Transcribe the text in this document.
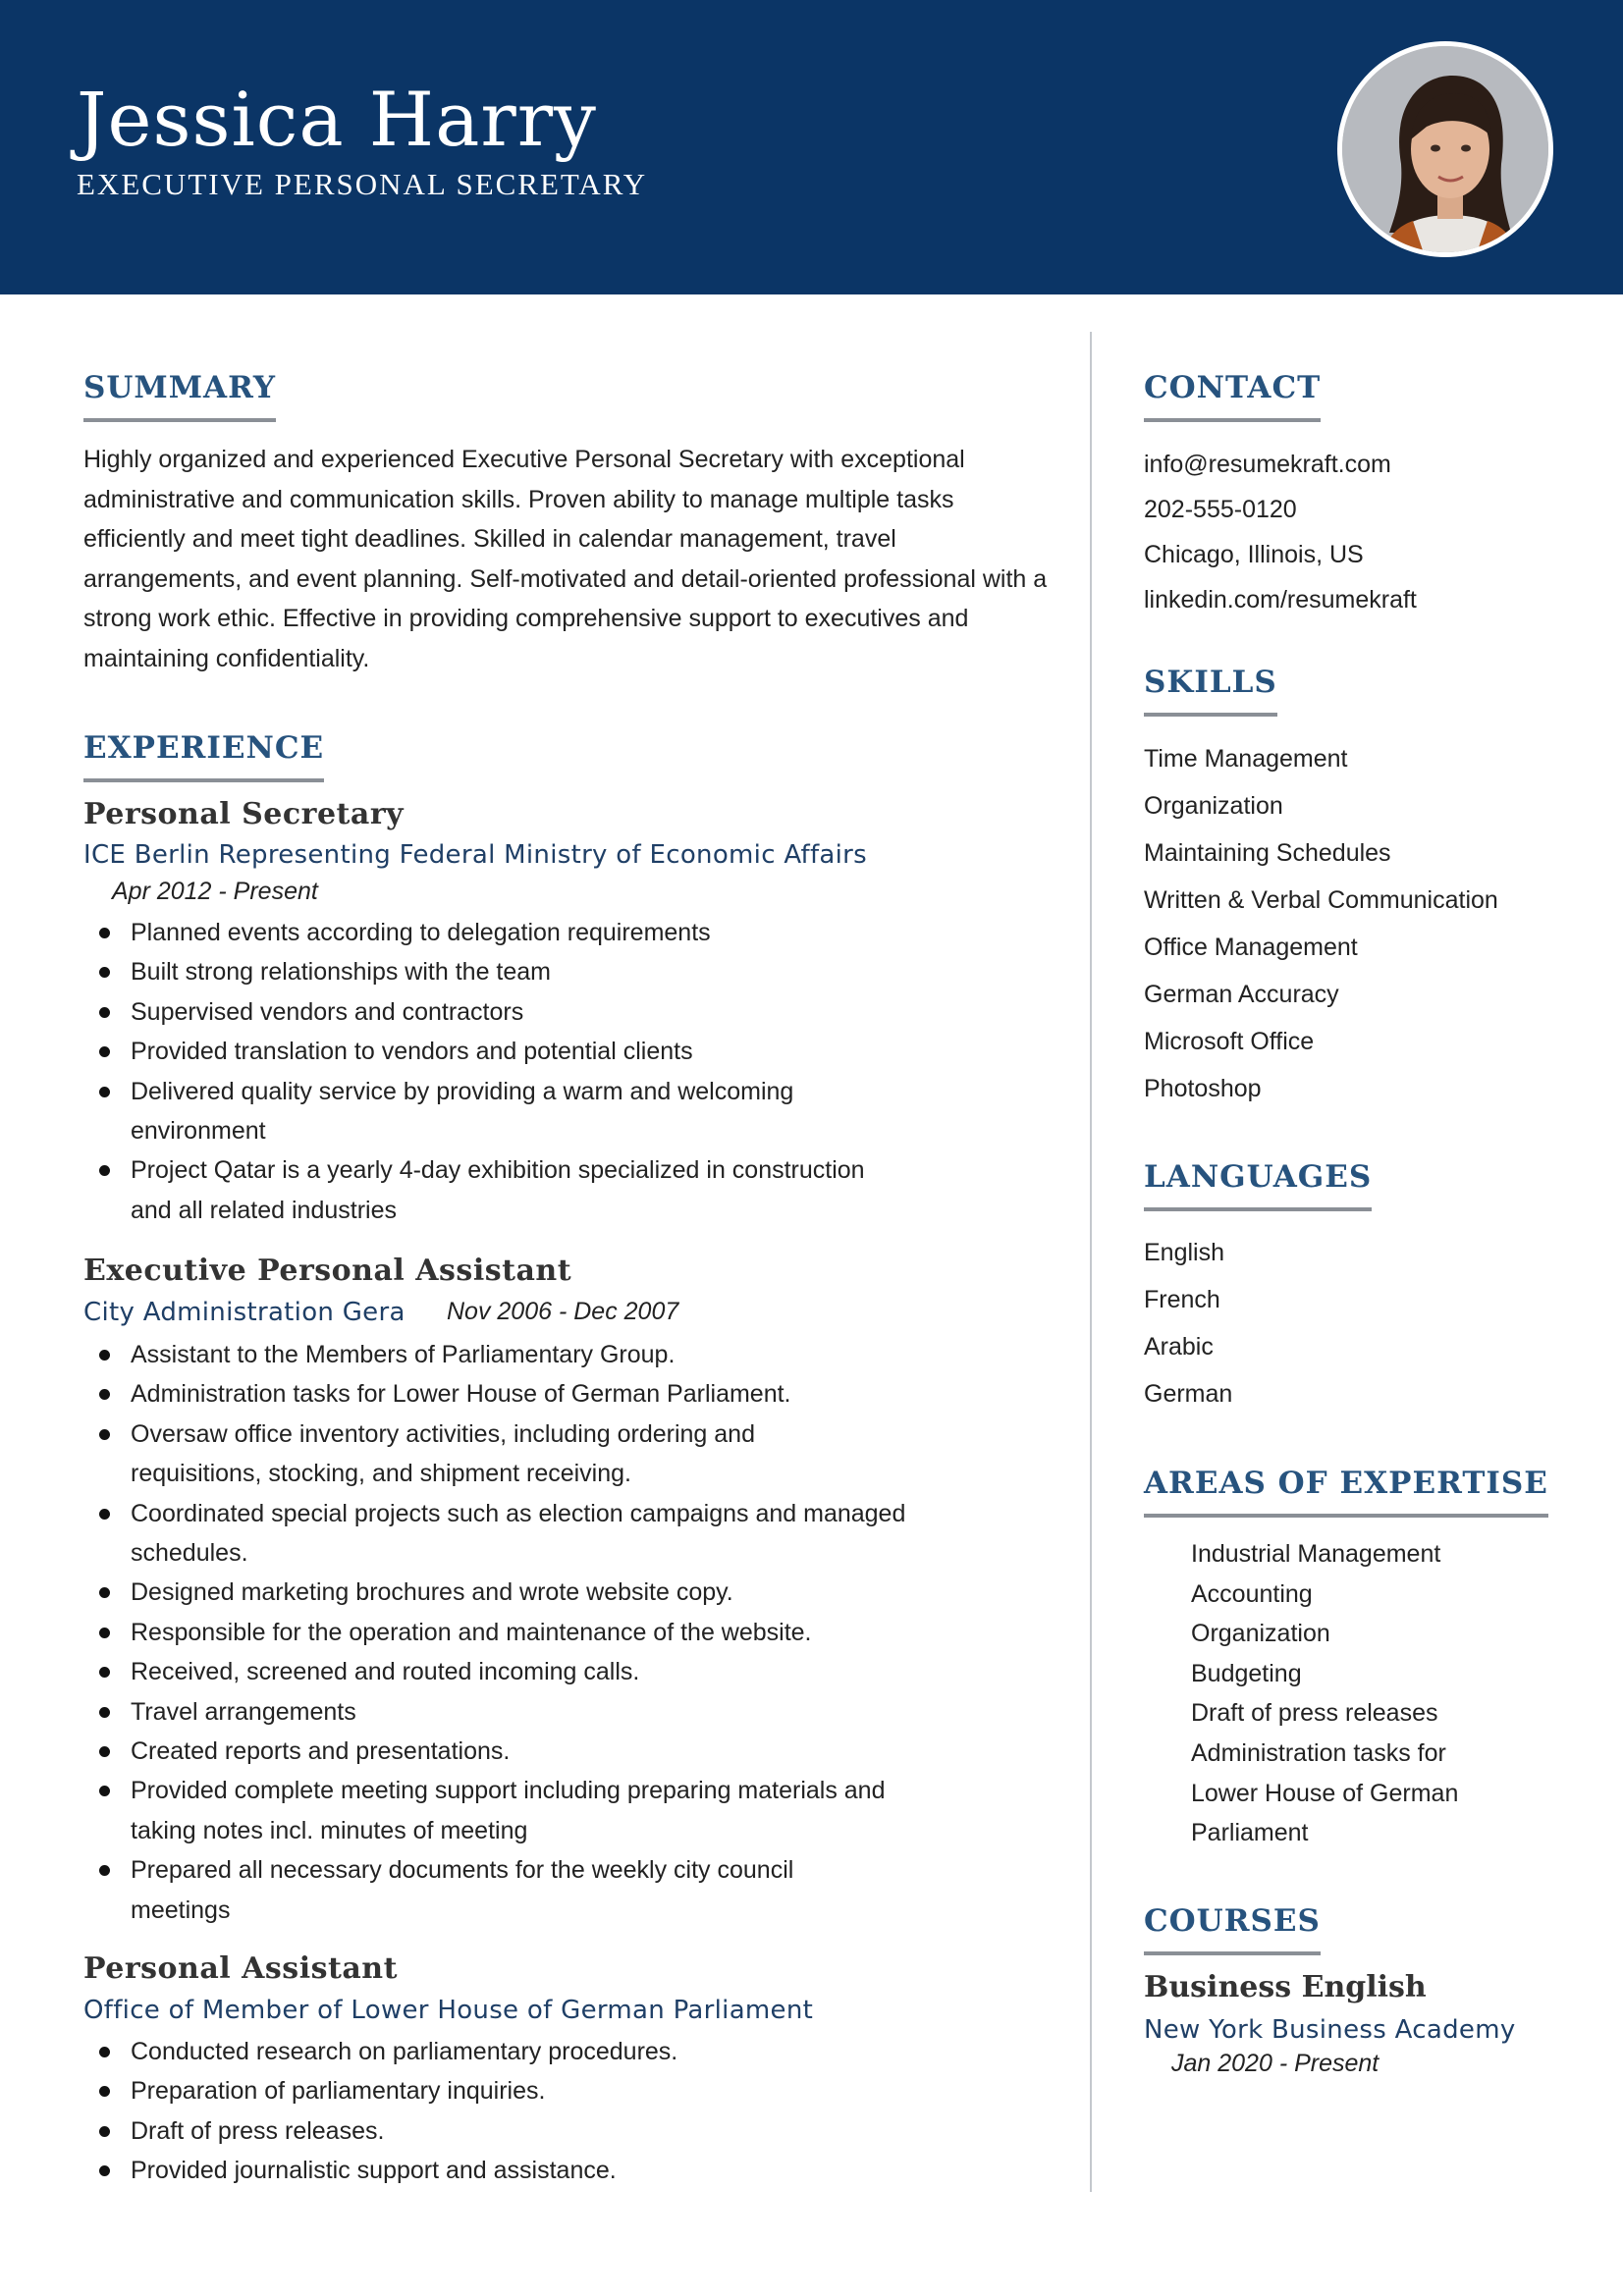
Jessica Harry
EXECUTIVE PERSONAL SECRETARY
SUMMARY
Highly organized and experienced Executive Personal Secretary with exceptional administrative and communication skills. Proven ability to manage multiple tasks efficiently and meet tight deadlines. Skilled in calendar management, travel arrangements, and event planning. Self-motivated and detail-oriented professional with a strong work ethic. Effective in providing comprehensive support to executives and maintaining confidentiality.
EXPERIENCE
Personal Secretary
ICE Berlin Representing Federal Ministry of Economic Affairs
Apr 2012 - Present
Planned events according to delegation requirements
Built strong relationships with the team
Supervised vendors and contractors
Provided translation to vendors and potential clients
Delivered quality service by providing a warm and welcoming environment
Project Qatar is a yearly 4-day exhibition specialized in construction and all related industries
Executive Personal Assistant
City Administration Gera Nov 2006 - Dec 2007
Assistant to the Members of Parliamentary Group.
Administration tasks for Lower House of German Parliament.
Oversaw office inventory activities, including ordering and requisitions, stocking, and shipment receiving.
Coordinated special projects such as election campaigns and managed schedules.
Designed marketing brochures and wrote website copy.
Responsible for the operation and maintenance of the website.
Received, screened and routed incoming calls.
Travel arrangements
Created reports and presentations.
Provided complete meeting support including preparing materials and taking notes incl. minutes of meeting
Prepared all necessary documents for the weekly city council meetings
Personal Assistant
Office of Member of Lower House of German Parliament
Conducted research on parliamentary procedures.
Preparation of parliamentary inquiries.
Draft of press releases.
Provided journalistic support and assistance.
CONTACT
info@resumekraft.com
202-555-0120
Chicago, Illinois, US
linkedin.com/resumekraft
SKILLS
Time Management
Organization
Maintaining Schedules
Written & Verbal Communication
Office Management
German Accuracy
Microsoft Office
Photoshop
LANGUAGES
English
French
Arabic
German
AREAS OF EXPERTISE
Industrial Management
Accounting
Organization
Budgeting
Draft of press releases
Administration tasks for
Lower House of German
Parliament
COURSES
Business English
New York Business Academy
Jan 2020 - Present
